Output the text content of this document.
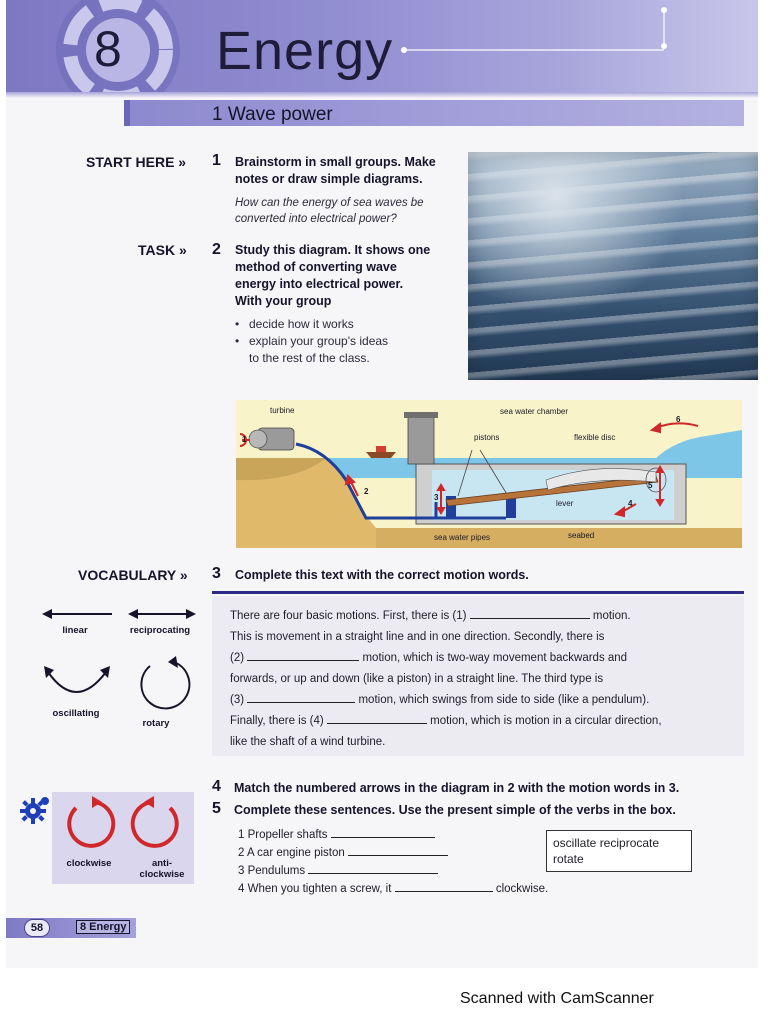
8 Energy
1 Wave power
START HERE » 1 Brainstorm in small groups. Make
notes or draw simple diagrams.
How can the energy of sea waves be
converted into electrical power?
TASK » 2 Study this diagram. It shows one
method of converting wave
energy into electrical power.
With your group
• decide how it works
• explain your group's ideas
to the rest of the class.
turbine	sea water chamber
pistons	flexible disc
lever
sea water pipes	seabed
1
2
3
4
5
6
VOCABULARY » 3 Complete this text with the correct motion words.
There are four basic motions. First, there is (1)	motion.
This is movement in a straight line and in one direction. Secondly, there is
(2)	motion, which is two-way movement backwards and
forwards, or up and down (like a piston) in a straight line. The third type is
(3)	motion, which swings from side to side (like a pendulum).
Finally, there is (4)	motion, which is motion in a circular direction,
like the shaft of a wind turbine.
linear	reciprocating
oscillating
rotary
4 Match the numbered arrows in the diagram in 2 with the motion words in 3.
5 Complete these sentences. Use the present simple of the verbs in the box.
1 Propeller shafts
2 A car engine piston
3 Pendulums
4 When you tighten a screw, it	clockwise.
oscillate reciprocate
rotate
clockwise	anti-
clockwise
58	8 Energy
Scanned with CamScanner
